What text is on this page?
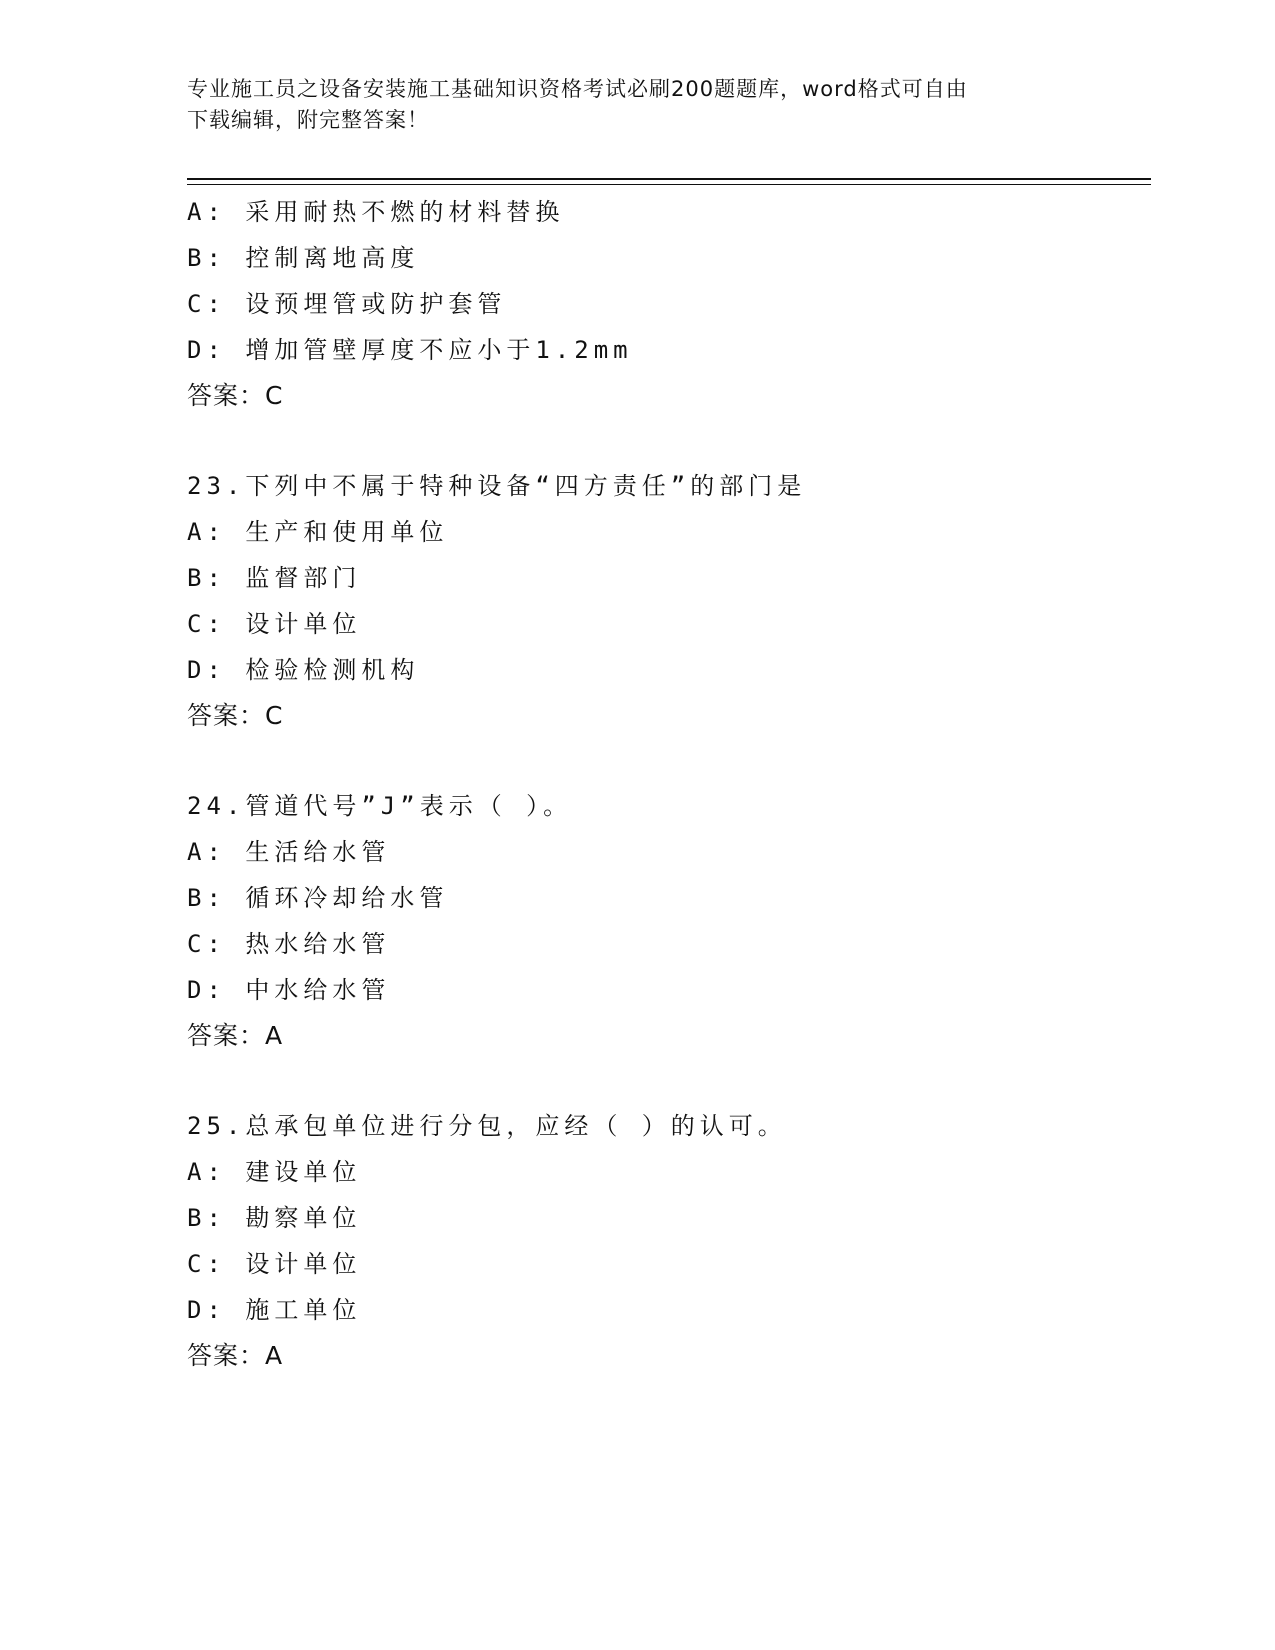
专业施工员之设备安装施工基础知识资格考试必刷200题题库，word格式可自由
下载编辑，附完整答案！
A: 采用耐热不燃的材料替换
B: 控制离地高度
C: 设预埋管或防护套管
D: 增加管壁厚度不应小于1.2mm
答案：C
23.下列中不属于特种设备“四方责任”的部门是
A: 生产和使用单位
B: 监督部门
C: 设计单位
D: 检验检测机构
答案：C
24.管道代号”J”表示（ ）。
A: 生活给水管
B: 循环冷却给水管
C: 热水给水管
D: 中水给水管
答案：A
25.总承包单位进行分包，应经（ ）的认可。
A: 建设单位
B: 勘察单位
C: 设计单位
D: 施工单位
答案：A
